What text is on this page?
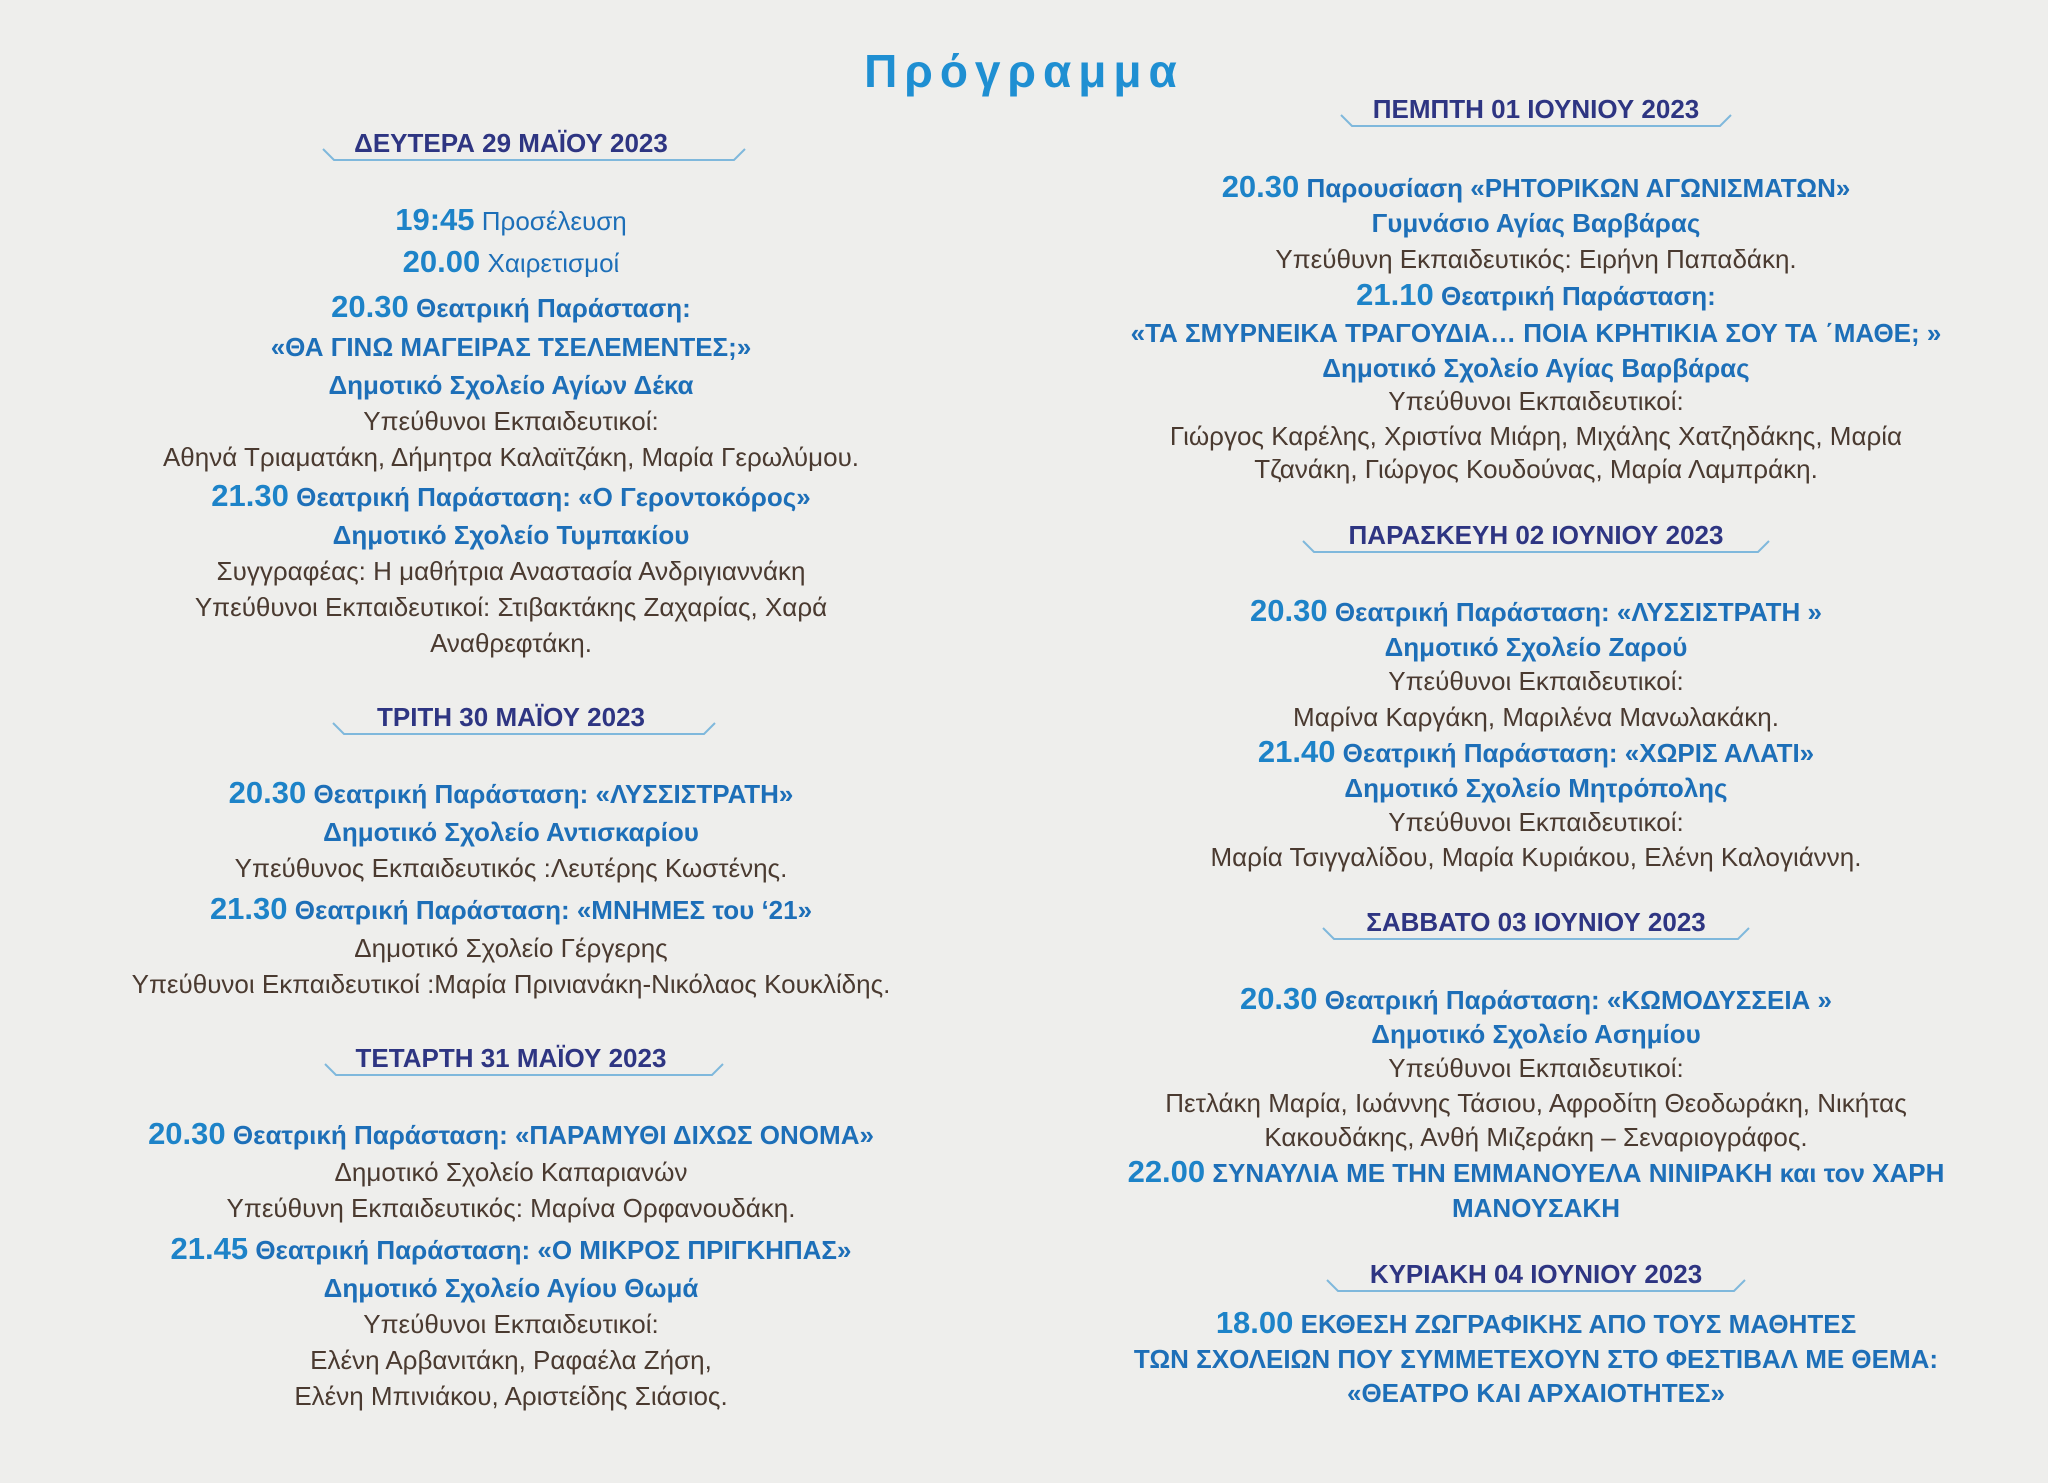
Πρόγραμμα
ΔΕΥΤΕΡΑ 29 ΜΑΪΟΥ 2023
19:45 Προσέλευση
20.00 Χαιρετισμοί
20.30 Θεατρική Παράσταση:
«ΘΑ ΓΙΝΩ ΜΑΓΕΙΡΑΣ ΤΣΕΛΕΜΕΝΤΕΣ;»
Δημοτικό Σχολείο Αγίων Δέκα
Υπεύθυνοι Εκπαιδευτικοί:
Αθηνά Τριαματάκη, Δήμητρα Καλαϊτζάκη, Μαρία Γερωλύμου.
21.30 Θεατρική Παράσταση: «Ο Γεροντοκόρος»
Δημοτικό Σχολείο Τυμπακίου
Συγγραφέας: Η μαθήτρια Αναστασία Ανδριγιαννάκη
Υπεύθυνοι Εκπαιδευτικοί: Στιβακτάκης Ζαχαρίας, Χαρά
Αναθρεφτάκη.
ΤΡΙΤΗ 30 ΜΑΪΟΥ 2023
20.30 Θεατρική Παράσταση: «ΛΥΣΣΙΣΤΡΑΤΗ»
Δημοτικό Σχολείο Αντισκαρίου
Υπεύθυνος Εκπαιδευτικός :Λευτέρης Κωστένης.
21.30 Θεατρική Παράσταση: «ΜΝΗΜΕΣ του ‘21»
Δημοτικό Σχολείο Γέργερης
Υπεύθυνοι Εκπαιδευτικοί :Μαρία Πρινιανάκη-Νικόλαος Κουκλίδης.
ΤΕΤΑΡΤΗ 31 ΜΑΪΟΥ 2023
20.30 Θεατρική Παράσταση: «ΠΑΡΑΜΥΘΙ ΔΙΧΩΣ ΟΝΟΜΑ»
Δημοτικό Σχολείο Καπαριανών
Υπεύθυνη Εκπαιδευτικός: Μαρίνα Ορφανουδάκη.
21.45 Θεατρική Παράσταση: «Ο ΜΙΚΡΟΣ ΠΡΙΓΚΗΠΑΣ»
Δημοτικό Σχολείο Αγίου Θωμά
Υπεύθυνοι Εκπαιδευτικοί:
Ελένη Αρβανιτάκη, Ραφαέλα Ζήση,
Ελένη Μπινιάκου, Αριστείδης Σιάσιος.
ΠΕΜΠΤΗ 01 ΙΟΥΝΙΟΥ 2023
20.30 Παρουσίαση «ΡΗΤΟΡΙΚΩΝ ΑΓΩΝΙΣΜΑΤΩΝ»
Γυμνάσιο Αγίας Βαρβάρας
Υπεύθυνη Εκπαιδευτικός: Ειρήνη Παπαδάκη.
21.10 Θεατρική Παράσταση:
«ΤΑ ΣΜΥΡΝΕΙΚΑ ΤΡΑΓΟΥΔΙΑ… ΠΟΙΑ ΚΡΗΤΙΚΙΑ ΣΟΥ ΤΑ ΄ΜΑΘΕ; »
Δημοτικό Σχολείο Αγίας Βαρβάρας
Υπεύθυνοι Εκπαιδευτικοί:
Γιώργος Καρέλης, Χριστίνα Μιάρη, Μιχάλης Χατζηδάκης, Μαρία
Τζανάκη, Γιώργος Κουδούνας, Μαρία Λαμπράκη.
ΠΑΡΑΣΚΕΥΗ 02 ΙΟΥΝΙΟΥ 2023
20.30 Θεατρική Παράσταση: «ΛΥΣΣΙΣΤΡΑΤΗ »
Δημοτικό Σχολείο Ζαρού
Υπεύθυνοι Εκπαιδευτικοί:
Μαρίνα Καργάκη, Μαριλένα Μανωλακάκη.
21.40 Θεατρική Παράσταση: «ΧΩΡΙΣ ΑΛΑΤΙ»
Δημοτικό Σχολείο Μητρόπολης
Υπεύθυνοι Εκπαιδευτικοί:
Μαρία Τσιγγαλίδου, Μαρία Κυριάκου, Ελένη Καλογιάννη.
ΣΑΒΒΑΤΟ 03 ΙΟΥΝΙΟΥ 2023
20.30 Θεατρική Παράσταση: «ΚΩΜΟΔΥΣΣΕΙΑ »
Δημοτικό Σχολείο Ασημίου
Υπεύθυνοι Εκπαιδευτικοί:
Πετλάκη Μαρία, Ιωάννης Τάσιου, Αφροδίτη Θεοδωράκη, Νικήτας
Κακουδάκης, Ανθή Μιζεράκη – Σεναριογράφος.
22.00 ΣΥΝΑΥΛΙΑ ΜΕ ΤΗΝ ΕΜΜΑΝΟΥΕΛΑ ΝΙΝΙΡΑΚΗ και τον ΧΑΡΗ
ΜΑΝΟΥΣΑΚΗ
ΚΥΡΙΑΚΗ 04 ΙΟΥΝΙΟΥ 2023
18.00 ΕΚΘΕΣΗ ΖΩΓΡΑΦΙΚΗΣ ΑΠΟ ΤΟΥΣ ΜΑΘΗΤΕΣ
ΤΩΝ ΣΧΟΛΕΙΩΝ ΠΟΥ ΣΥΜΜΕΤΕΧΟΥΝ ΣΤΟ ΦΕΣΤΙΒΑΛ ΜΕ ΘΕΜΑ:
«ΘΕΑΤΡΟ ΚΑΙ ΑΡΧΑΙΟΤΗΤΕΣ»
